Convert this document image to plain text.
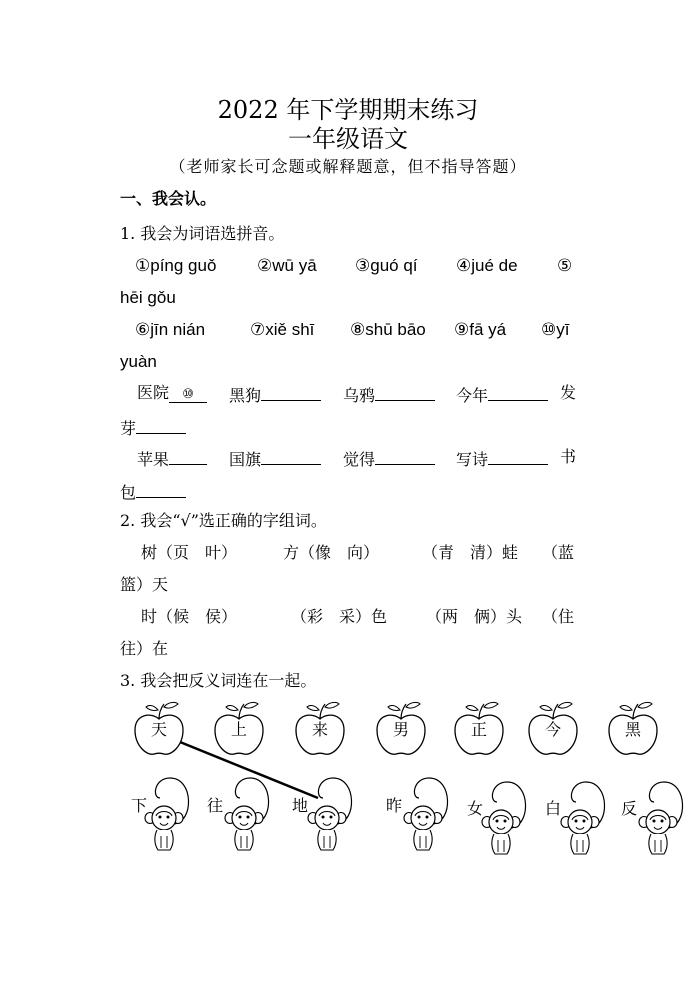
2022 年下学期期末练习
一年级语文
（老师家长可念题或解释题意，但不指导答题）
一、我会认。
1. 我会为词语选拼音。
①píng guǒ ②wū yā ③guó qí ④jué de ⑤
hēi gǒu
⑥jīn nián	⑦xiě shī ⑧shū bāo ⑨fā yá ⑩yī
yuàn
医院 ⑩	黑狗	乌鸦	今年	发
芽
苹果	国旗	觉得	写诗	书
包
2. 我会“√”选正确的字组词。
树（页　叶）	方（像　向）	（青　清）蛙 （蓝
篮）天
时（候　侯）	（彩　采）色 （两　俩）头 （住
往）在
3. 我会把反义词连在一起。
天	上	来	男	正	今	黑
下	往	地	昨	女	白	反
